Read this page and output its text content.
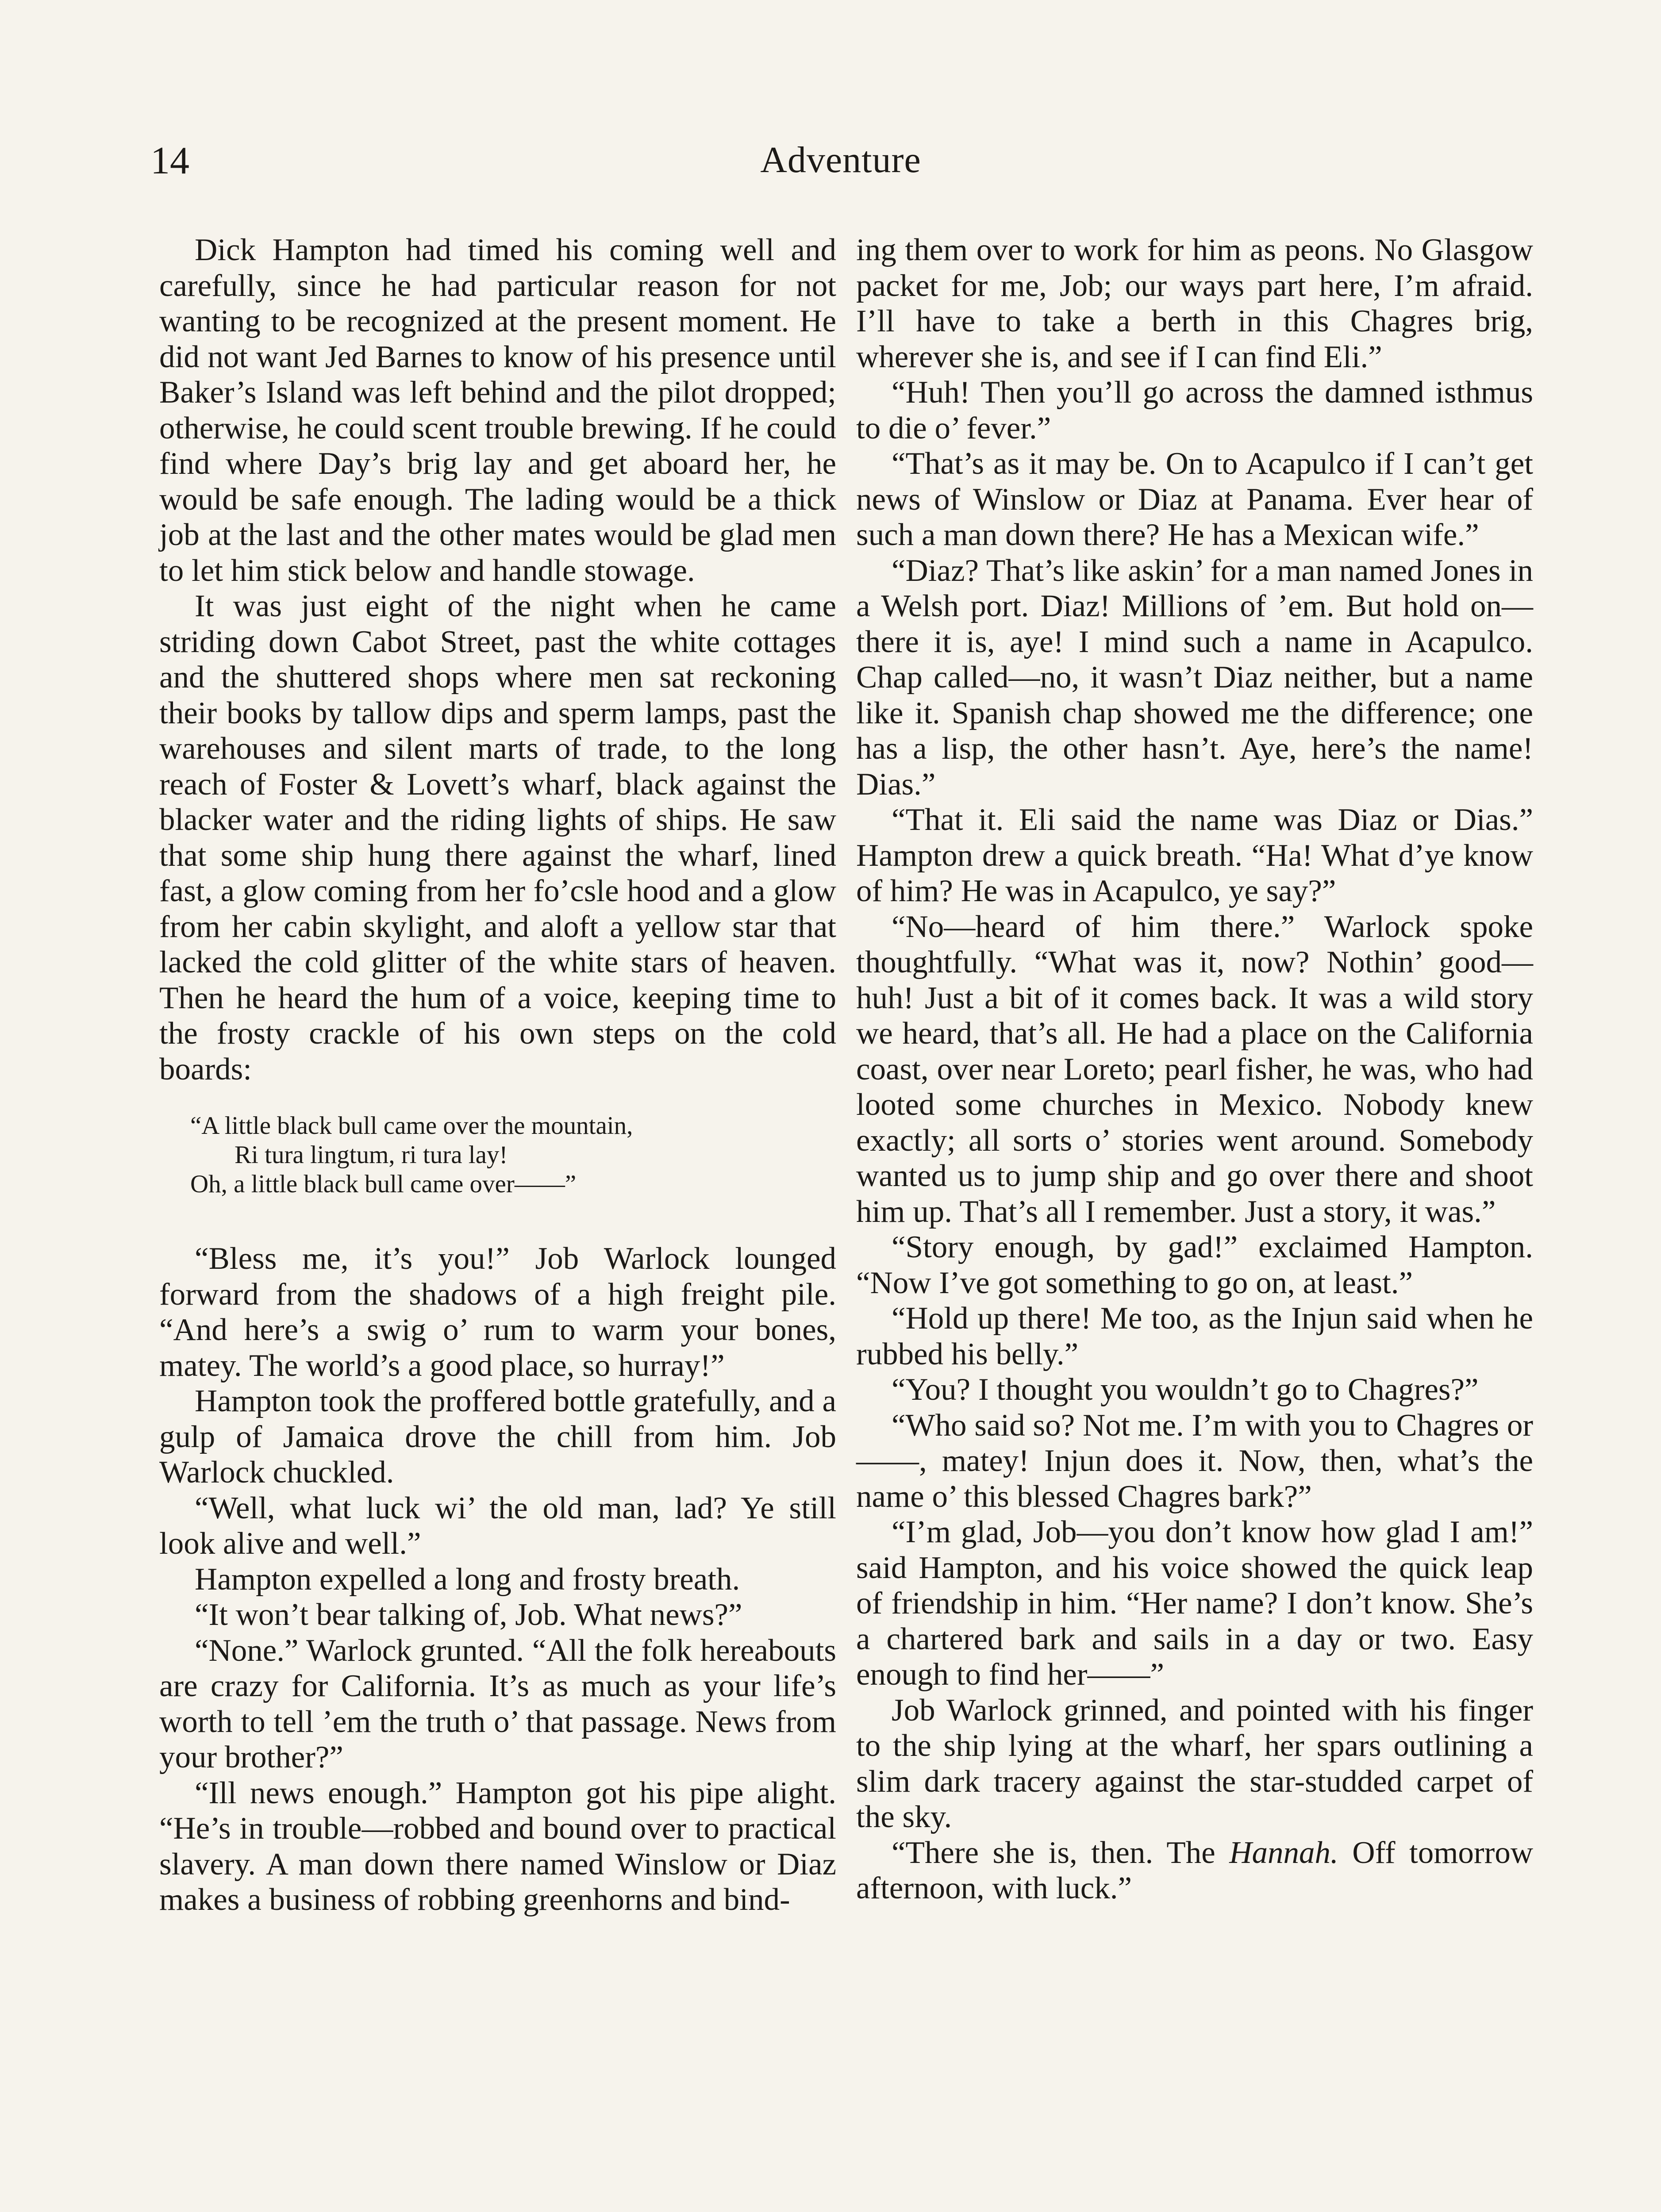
14	Adventure

Dick Hampton had timed his coming well and carefully, since he had particular reason for not wanting to be recognized at the present moment. He did not want Jed Barnes to know of his presence until Baker’s Island was left behind and the pilot dropped; otherwise, he could scent trouble brewing. If he could find where Day’s brig lay and get aboard her, he would be safe enough. The lading would be a thick job at the last and the other mates would be glad men to let him stick below and handle stowage.

It was just eight of the night when he came striding down Cabot Street, past the white cottages and the shuttered shops where men sat reckoning their books by tallow dips and sperm lamps, past the warehouses and silent marts of trade, to the long reach of Foster & Lovett’s wharf, black against the blacker water and the riding lights of ships. He saw that some ship hung there against the wharf, lined fast, a glow coming from her fo’csle hood and a glow from her cabin skylight, and aloft a yellow star that lacked the cold glitter of the white stars of heaven. Then he heard the hum of a voice, keeping time to the frosty crackle of his own steps on the cold boards:

“A little black bull came over the mountain,
Ri tura lingtum, ri tura lay!
Oh, a little black bull came over——”

“Bless me, it’s you!” Job Warlock lounged forward from the shadows of a high freight pile. “And here’s a swig o’ rum to warm your bones, matey. The world’s a good place, so hurray!”

Hampton took the proffered bottle gratefully, and a gulp of Jamaica drove the chill from him. Job Warlock chuckled.

“Well, what luck wi’ the old man, lad? Ye still look alive and well.”

Hampton expelled a long and frosty breath.

“It won’t bear talking of, Job. What news?”

“None.” Warlock grunted. “All the folk hereabouts are crazy for California. It’s as much as your life’s worth to tell ’em the truth o’ that passage. News from your brother?”

“Ill news enough.” Hampton got his pipe alight. “He’s in trouble—robbed and bound over to practical slavery. A man down there named Winslow or Diaz makes a business of robbing greenhorns and bind-

ing them over to work for him as peons. No Glasgow packet for me, Job; our ways part here, I’m afraid. I’ll have to take a berth in this Chagres brig, wherever she is, and see if I can find Eli.”

“Huh! Then you’ll go across the damned isthmus to die o’ fever.”

“That’s as it may be. On to Acapulco if I can’t get news of Winslow or Diaz at Panama. Ever hear of such a man down there? He has a Mexican wife.”

“Diaz? That’s like askin’ for a man named Jones in a Welsh port. Diaz! Millions of ’em. But hold on—there it is, aye! I mind such a name in Acapulco. Chap called—no, it wasn’t Diaz neither, but a name like it. Spanish chap showed me the difference; one has a lisp, the other hasn’t. Aye, here’s the name! Dias.”

“That it. Eli said the name was Diaz or Dias.” Hampton drew a quick breath. “Ha! What d’ye know of him? He was in Acapulco, ye say?”

“No—heard of him there.” Warlock spoke thoughtfully. “What was it, now? Nothin’ good—huh! Just a bit of it comes back. It was a wild story we heard, that’s all. He had a place on the California coast, over near Loreto; pearl fisher, he was, who had looted some churches in Mexico. Nobody knew exactly; all sorts o’ stories went around. Somebody wanted us to jump ship and go over there and shoot him up. That’s all I remember. Just a story, it was.”

“Story enough, by gad!” exclaimed Hampton. “Now I’ve got something to go on, at least.”

“Hold up there! Me too, as the Injun said when he rubbed his belly.”

“You? I thought you wouldn’t go to Chagres?”

“Who said so? Not me. I’m with you to Chagres or ——, matey! Injun does it. Now, then, what’s the name o’ this blessed Chagres bark?”

“I’m glad, Job—you don’t know how glad I am!” said Hampton, and his voice showed the quick leap of friendship in him. “Her name? I don’t know. She’s a chartered bark and sails in a day or two. Easy enough to find her——”

Job Warlock grinned, and pointed with his finger to the ship lying at the wharf, her spars outlining a slim dark tracery against the star-studded carpet of the sky.

“There she is, then. The Hannah. Off tomorrow afternoon, with luck.”
